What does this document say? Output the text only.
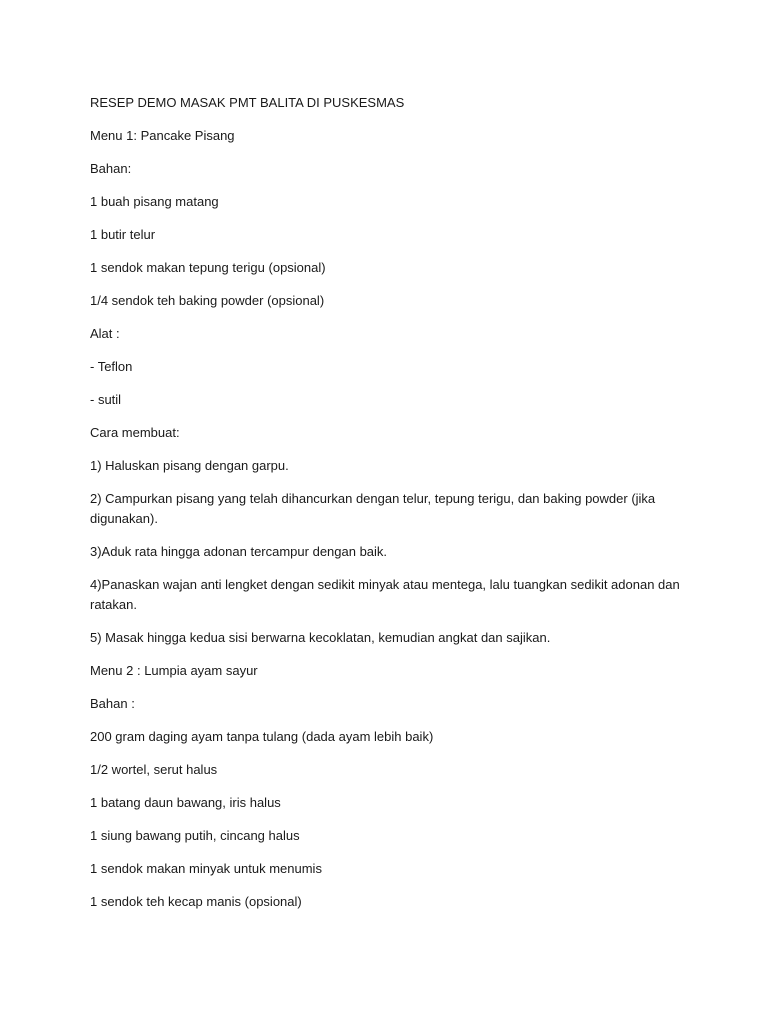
RESEP DEMO MASAK PMT BALITA DI PUSKESMAS

Menu 1: Pancake Pisang

Bahan:

1 buah pisang matang

1 butir telur

1 sendok makan tepung terigu (opsional)

1/4 sendok teh baking powder (opsional)

Alat :

- Teflon

- sutil

Cara membuat:

1) Haluskan pisang dengan garpu.

2) Campurkan pisang yang telah dihancurkan dengan telur, tepung terigu, dan baking powder (jika digunakan).

3)Aduk rata hingga adonan tercampur dengan baik.

4)Panaskan wajan anti lengket dengan sedikit minyak atau mentega, lalu tuangkan sedikit adonan dan ratakan.

5) Masak hingga kedua sisi berwarna kecoklatan, kemudian angkat dan sajikan.

Menu 2 : Lumpia ayam sayur

Bahan :

200 gram daging ayam tanpa tulang (dada ayam lebih baik)

1/2 wortel, serut halus

1 batang daun bawang, iris halus

1 siung bawang putih, cincang halus

1 sendok makan minyak untuk menumis

1 sendok teh kecap manis (opsional)
